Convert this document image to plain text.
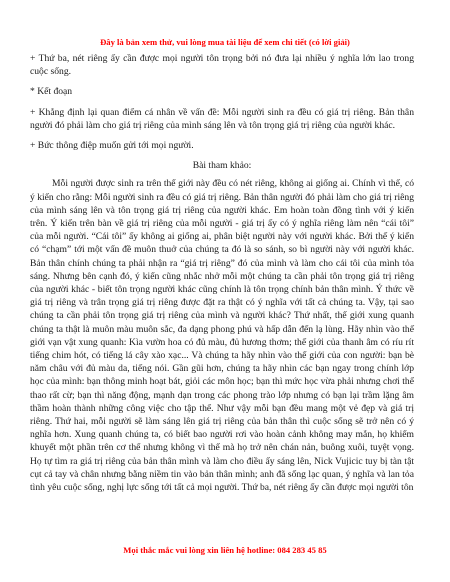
Đây là bản xem thử, vui lòng mua tài liệu để xem chi tiết (có lời giải)

+ Thứ ba, nét riêng ấy cần được mọi người tôn trọng bởi nó đưa lại nhiều ý nghĩa lớn lao trong cuộc sống.

* Kết đoạn

+ Khẳng định lại quan điểm cá nhân về vấn đề: Mỗi người sinh ra đều có giá trị riêng. Bản thân người đó phải làm cho giá trị riêng của mình sáng lên và tôn trọng giá trị riêng của người khác.

+ Bức thông điệp muốn gửi tới mọi người.

Bài tham khảo:

Mỗi người được sinh ra trên thế giới này đều có nét riêng, không ai giống ai. Chính vì thế, có ý kiến cho rằng: Mỗi người sinh ra đều có giá trị riêng. Bản thân người đó phải làm cho giá trị riêng của mình sáng lên và tôn trọng giá trị riêng của người khác. Em hoàn toàn đồng tình với ý kiến trên. Ý kiến trên bàn về giá trị riêng của mỗi người - giá trị ấy có ý nghĩa riêng làm nên “cái tôi” của mỗi người. “Cái tôi” ấy không ai giống ai, phân biệt người này với người khác. Bởi thế ý kiến có “chạm” tới một vấn đề muôn thuở của chúng ta đó là so sánh, so bì người này với người khác. Bản thân chính chúng ta phải nhận ra “giá trị riêng” đó của mình và làm cho cái tôi của mình tỏa sáng. Nhưng bên cạnh đó, ý kiến cũng nhắc nhở mỗi một chúng ta cần phải tôn trọng giá trị riêng của người khác - biết tôn trọng người khác cũng chính là tôn trọng chính bản thân mình. Ý thức về giá trị riêng và trân trọng giá trị riêng được đặt ra thật có ý nghĩa với tất cả chúng ta. Vậy, tại sao chúng ta cần phải tôn trọng giá trị riêng của mình và người khác? Thứ nhất, thế giới xung quanh chúng ta thật là muôn màu muôn sắc, đa dạng phong phú và hấp dẫn đến lạ lùng. Hãy nhìn vào thế giới vạn vật xung quanh: Kìa vườn hoa có đủ màu, đủ hương thơm; thế giới của thanh âm có ríu rít tiếng chim hót, có tiếng lá cây xào xạc... Và chúng ta hãy nhìn vào thế giới của con người: bạn bè năm châu với đủ màu da, tiếng nói. Gần gũi hơn, chúng ta hãy nhìn các bạn ngay trong chính lớp học của mình: bạn thông minh hoạt bát, giỏi các môn học; bạn thì mức học vừa phải nhưng chơi thể thao rất cừ; bạn thì năng động, mạnh dạn trong các phong trào lớp nhưng có bạn lại trầm lặng âm thầm hoàn thành những công việc cho tập thể. Như vậy mỗi bạn đều mang một vẻ đẹp và giá trị riêng. Thứ hai, mỗi người sẽ làm sáng lên giá trị riêng của bản thân thì cuộc sống sẽ trở nên có ý nghĩa hơn. Xung quanh chúng ta, có biết bao người rơi vào hoàn cảnh không may mắn, họ khiếm khuyết một phần trên cơ thể nhưng không vì thế mà họ trở nên chán nản, buông xuôi, tuyệt vọng. Họ tự tìm ra giá trị riêng của bản thân mình và làm cho điều ấy sáng lên, Nick Vujicic tuy bị tàn tật cụt cả tay và chân nhưng bằng niềm tin vào bản thân mình; anh đã sống lạc quan, ý nghĩa và lan tỏa tình yêu cuộc sống, nghị lực sống tới tất cả mọi người. Thứ ba, nét riêng ấy cần được mọi người tôn

Mọi thắc mắc vui lòng xin liên hệ hotline: 084 283 45 85
